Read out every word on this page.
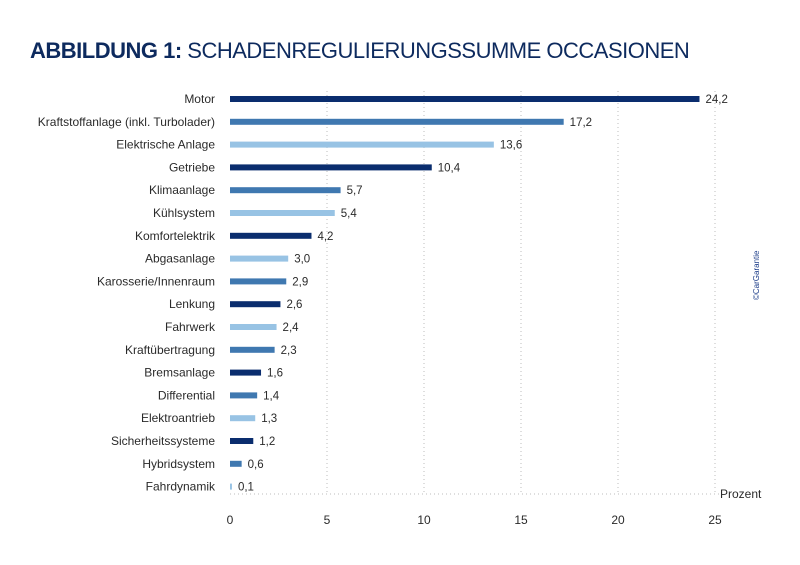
ABBILDUNG 1: SCHADENREGULIERUNGSSUMME OCCASIONEN
Motor	24,2
Kraftstoffanlage (inkl. Turbolader)	17,2
Elektrische Anlage	13,6
Getriebe	10,4
Klimaanlage	5,7
Kühlsystem	5,4
Komfortelektrik	4,2
Abgasanlage	3,0
Karosserie/Innenraum	2,9
Lenkung	2,6
Fahrwerk	2,4
Kraftübertragung	2,3
Bremsanlage	1,6
Differential	1,4
Elektroantrieb	1,3
Sicherheitssysteme	1,2
Hybridsystem	0,6
Fahrdynamik 0,1
0	5	10	15	20	25
Prozent
©CarGarantie
